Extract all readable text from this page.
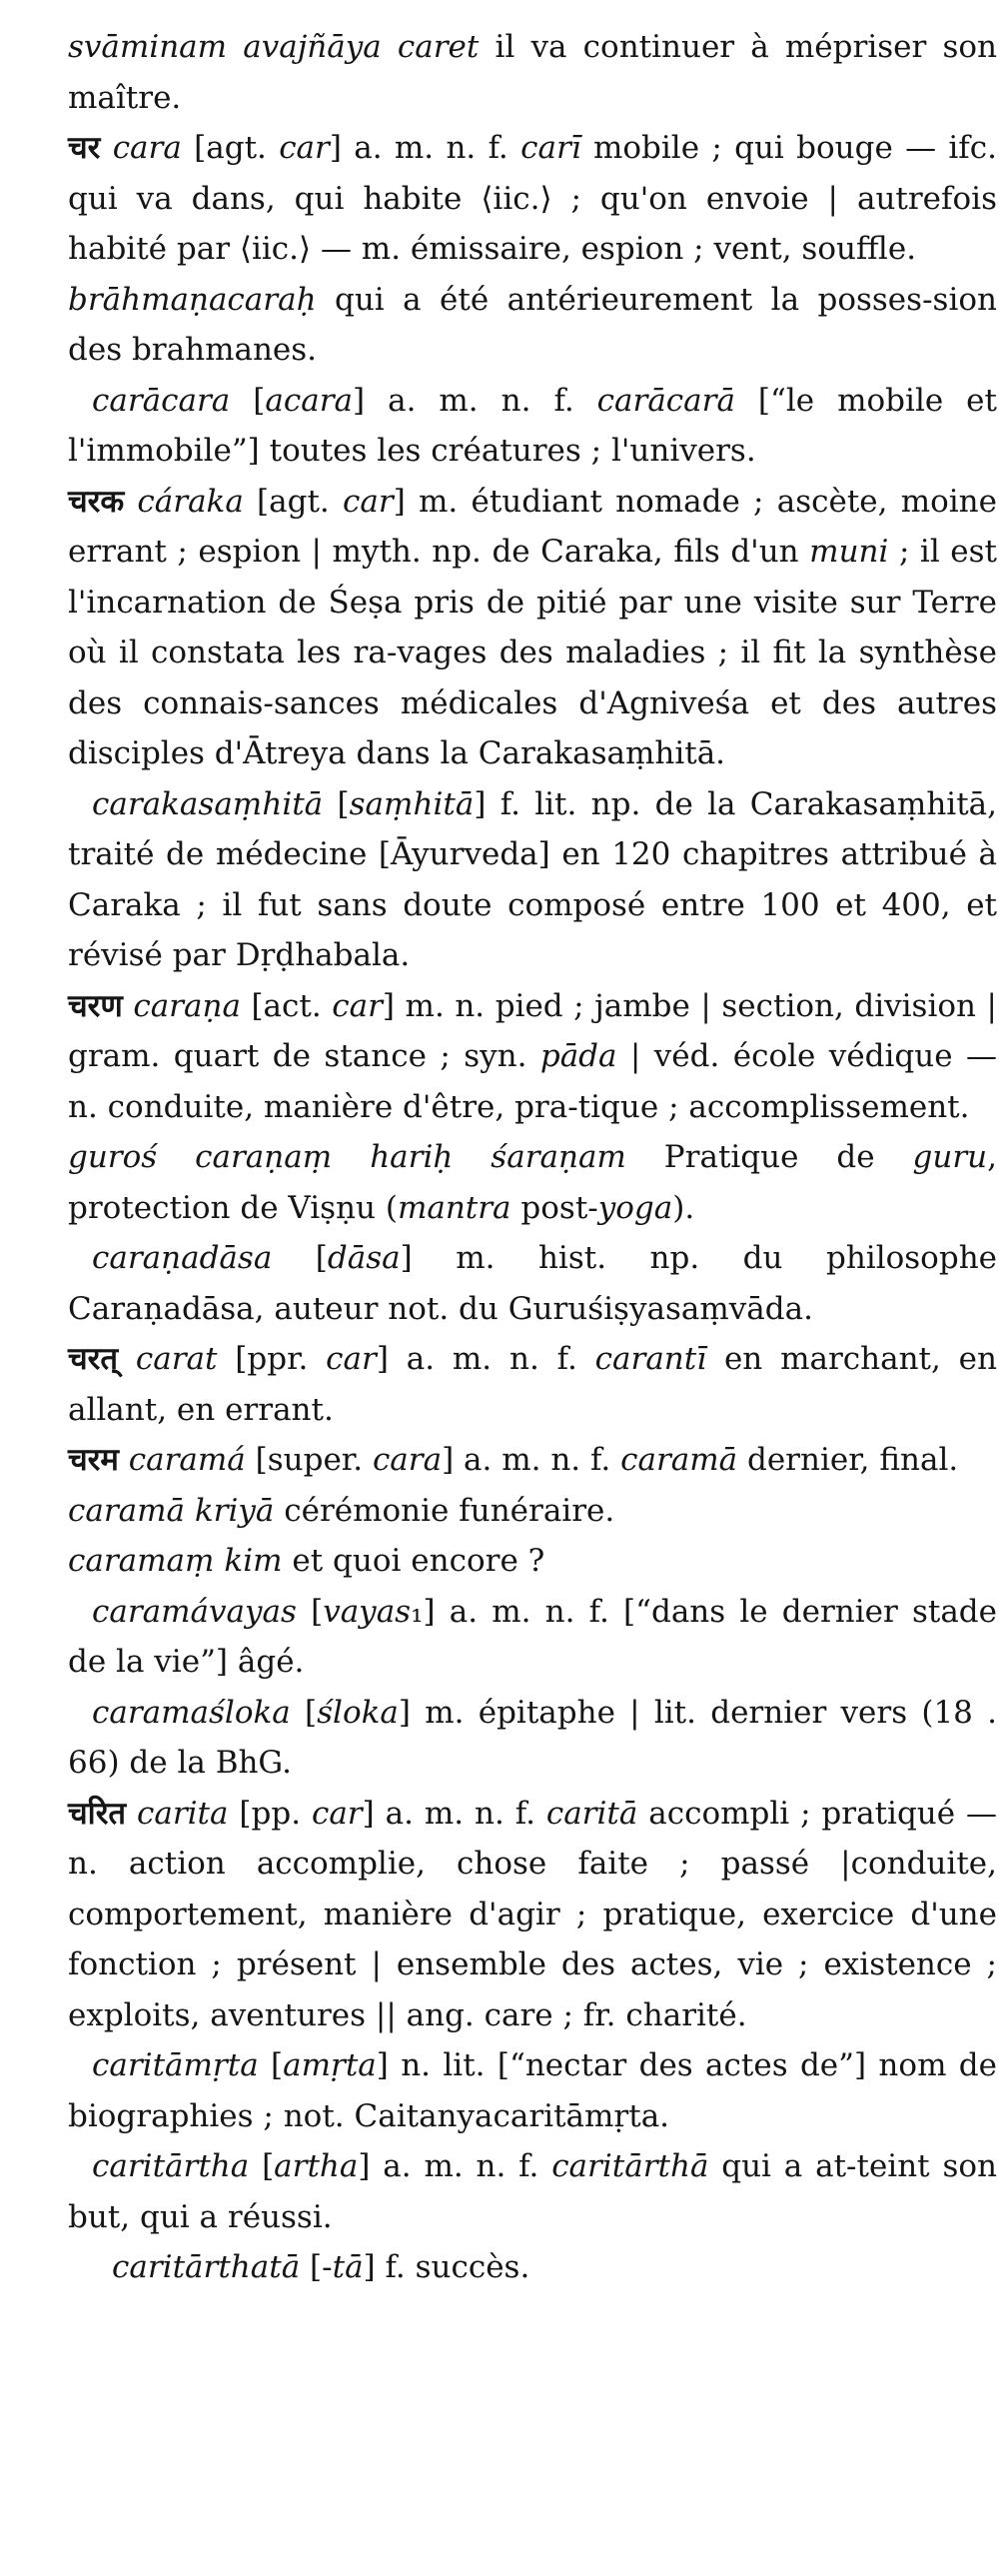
svāminam avajñāya caret il va continuer à mépriser son maître.

चर cara [agt. car] a. m. n. f. carī mobile ; qui bouge — ifc. qui va dans, qui habite ⟨iic.⟩ ; qu'on envoie | autrefois habité par ⟨iic.⟩ — m. émissaire, espion ; vent, souffle.

brāhmaṇacaraḥ qui a été antérieurement la posses-sion des brahmanes.

carācara [acara] a. m. n. f. carācarā [“le mobile et l'immobile”] toutes les créatures ; l'univers.

चरक cáraka [agt. car] m. étudiant nomade ; ascète, moine errant ; espion | myth. np. de Caraka, fils d'un muni ; il est l'incarnation de Śeṣa pris de pitié par une visite sur Terre où il constata les ra-vages des maladies ; il fit la synthèse des connais-sances médicales d'Agniveśa et des autres disciples d'Ātreya dans la Carakasaṃhitā.

carakasaṃhitā [saṃhitā] f. lit. np. de la Carakasaṃhitā, traité de médecine [Āyurveda] en 120 chapitres attribué à Caraka ; il fut sans doute composé entre 100 et 400, et révisé par Dṛḍhabala.

चरण caraṇa [act. car] m. n. pied ; jambe | section, division | gram. quart de stance ; syn. pāda | véd. école védique — n. conduite, manière d'être, pra-tique ; accomplissement.

guroś caraṇaṃ hariḥ śaraṇam Pratique de guru, protection de Viṣṇu (mantra post-yoga).

caraṇadāsa [dāsa] m. hist. np. du philosophe Caraṇadāsa, auteur not. du Guruśiṣyasaṃvāda.

चरत् carat [ppr. car] a. m. n. f. carantī en marchant, en allant, en errant.

चरम caramá [super. cara] a. m. n. f. caramā dernier, final.

caramā kriyā cérémonie funéraire.

caramaṃ kim et quoi encore ?

caramávayas [vayas₁] a. m. n. f. [“dans le dernier stade de la vie”] âgé.

caramaśloka [śloka] m. épitaphe | lit. dernier vers (18 . 66) de la BhG.

चरित carita [pp. car] a. m. n. f. caritā accompli ; pratiqué — n. action accomplie, chose faite ; passé |conduite, comportement, manière d'agir ; pratique, exercice d'une fonction ; présent | ensemble des actes, vie ; existence ; exploits, aventures || ang. care ; fr. charité.

caritāmṛta [amṛta] n. lit. [“nectar des actes de”] nom de biographies ; not. Caitanyacaritāmṛta.

caritārtha [artha] a. m. n. f. caritārthā qui a at-teint son but, qui a réussi.

caritārthatā [-tā] f. succès.
